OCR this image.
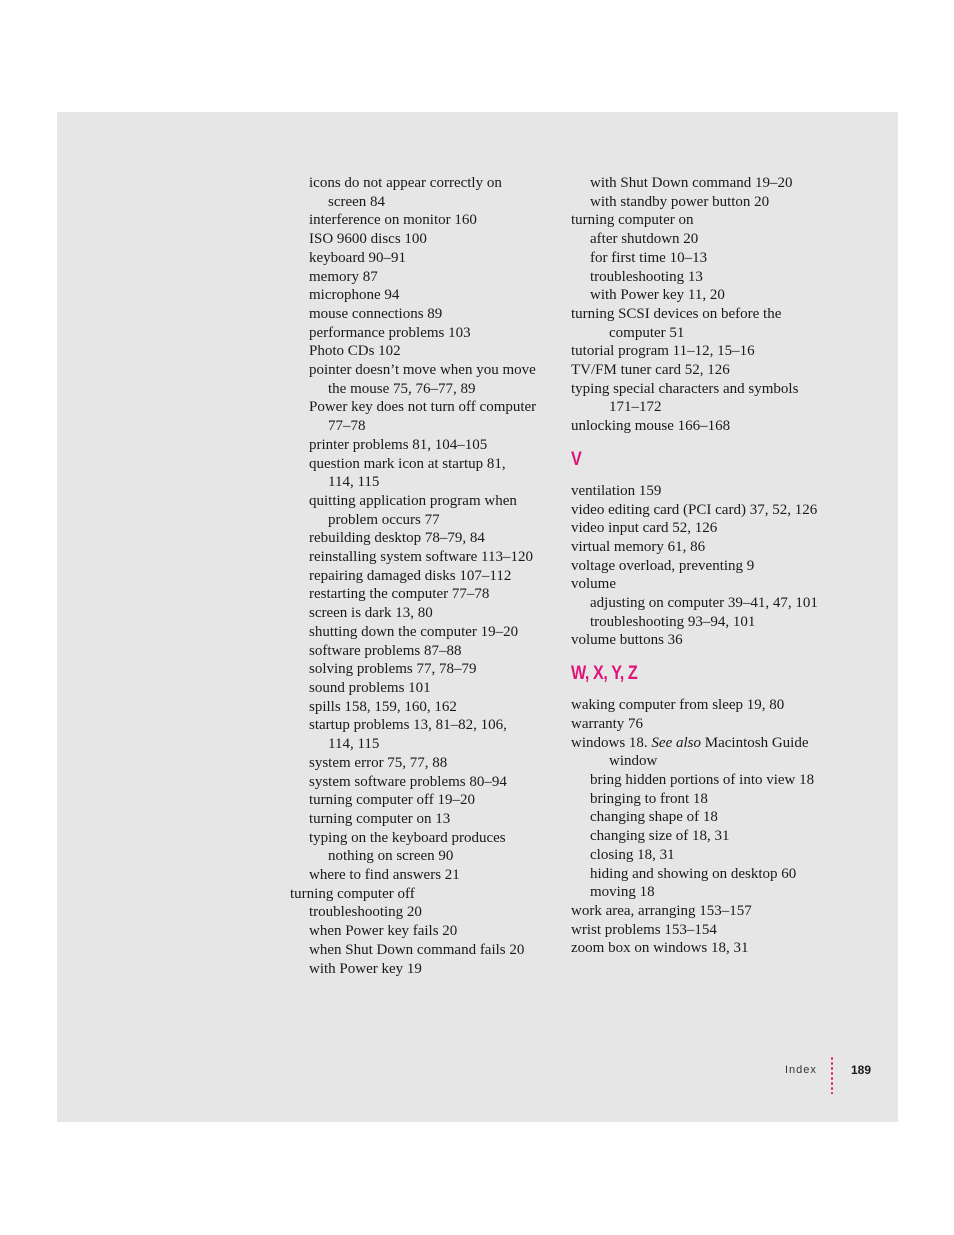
icons do not appear correctly on
screen 84
interference on monitor 160
ISO 9600 discs 100
keyboard 90–91
memory 87
microphone 94
mouse connections 89
performance problems 103
Photo CDs 102
pointer doesn’t move when you move
the mouse 75, 76–77, 89
Power key does not turn off computer
77–78
printer problems 81, 104–105
question mark icon at startup 81,
114, 115
quitting application program when
problem occurs 77
rebuilding desktop 78–79, 84
reinstalling system software 113–120
repairing damaged disks 107–112
restarting the computer 77–78
screen is dark 13, 80
shutting down the computer 19–20
software problems 87–88
solving problems 77, 78–79
sound problems 101
spills 158, 159, 160, 162
startup problems 13, 81–82, 106,
114, 115
system error 75, 77, 88
system software problems 80–94
turning computer off 19–20
turning computer on 13
typing on the keyboard produces
nothing on screen 90
where to find answers 21
turning computer off
troubleshooting 20
when Power key fails 20
when Shut Down command fails 20
with Power key 19
with Shut Down command 19–20
with standby power button 20
turning computer on
after shutdown 20
for first time 10–13
troubleshooting 13
with Power key 11, 20
turning SCSI devices on before the
computer 51
tutorial program 11–12, 15–16
TV/FM tuner card 52, 126
typing special characters and symbols
171–172
unlocking mouse 166–168
V
ventilation 159
video editing card (PCI card) 37, 52, 126
video input card 52, 126
virtual memory 61, 86
voltage overload, preventing 9
volume
adjusting on computer 39–41, 47, 101
troubleshooting 93–94, 101
volume buttons 36
W, X, Y, Z
waking computer from sleep 19, 80
warranty 76
windows 18. See also Macintosh Guide
window
bring hidden portions of into view 18
bringing to front 18
changing shape of 18
changing size of 18, 31
closing 18, 31
hiding and showing on desktop 60
moving 18
work area, arranging 153–157
wrist problems 153–154
zoom box on windows 18, 31
Index	189
